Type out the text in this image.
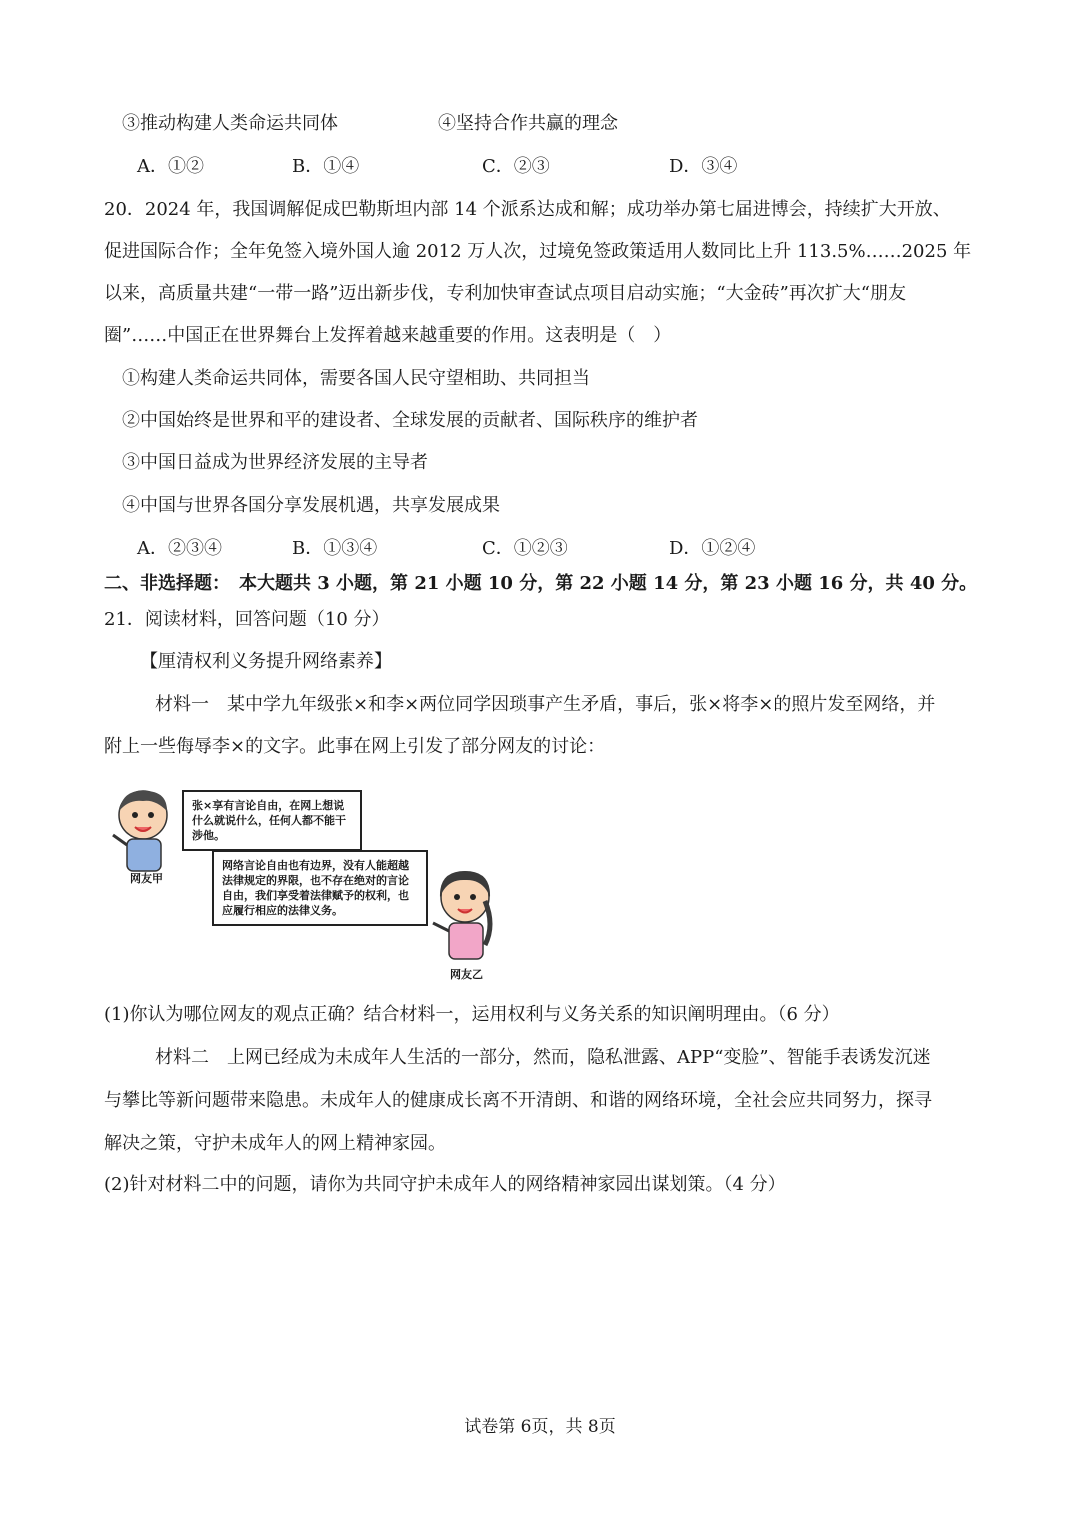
③推动构建人类命运共同体	④坚持合作共赢的理念
A．①②	B．①④	C．②③	D．③④
20．2024 年，我国调解促成巴勒斯坦内部 14 个派系达成和解；成功举办第七届进博会，持续扩大开放、
促进国际合作；全年免签入境外国人逾 2012 万人次，过境免签政策适用人数同比上升 113.5%……2025 年
以来，高质量共建“一带一路”迈出新步伐，专利加快审查试点项目启动实施；“大金砖”再次扩大“朋友
圈”……中国正在世界舞台上发挥着越来越重要的作用。这表明是（　）
①构建人类命运共同体，需要各国人民守望相助、共同担当
②中国始终是世界和平的建设者、全球发展的贡献者、国际秩序的维护者
③中国日益成为世界经济发展的主导者
④中国与世界各国分享发展机遇，共享发展成果
A．②③④	B．①③④	C．①②③	D．①②④
二、非选择题：　本大题共 3 小题，第 21 小题 10 分，第 22 小题 14 分，第 23 小题 16 分，共 40 分。
21．阅读材料，回答问题（10 分）
【厘清权利义务提升网络素养】
材料一　某中学九年级张×和李×两位同学因琐事产生矛盾，事后，张×将李×的照片发至网络，并
附上一些侮辱李×的文字。此事在网上引发了部分网友的讨论：
网友甲
张×享有言论自由，在网上想说什么就说什么，任何人都不能干涉他。
网络言论自由也有边界，没有人能超越法律规定的界限，也不存在绝对的言论自由，我们享受着法律赋予的权利，也应履行相应的法律义务。
网友乙
(1)你认为哪位网友的观点正确？结合材料一，运用权利与义务关系的知识阐明理由。（6 分）
材料二　上网已经成为未成年人生活的一部分，然而，隐私泄露、APP“变脸”、智能手表诱发沉迷
与攀比等新问题带来隐患。未成年人的健康成长离不开清朗、和谐的网络环境，全社会应共同努力，探寻
解决之策，守护未成年人的网上精神家园。
(2)针对材料二中的问题，请你为共同守护未成年人的网络精神家园出谋划策。（4 分）
试卷第 6页，共 8页
